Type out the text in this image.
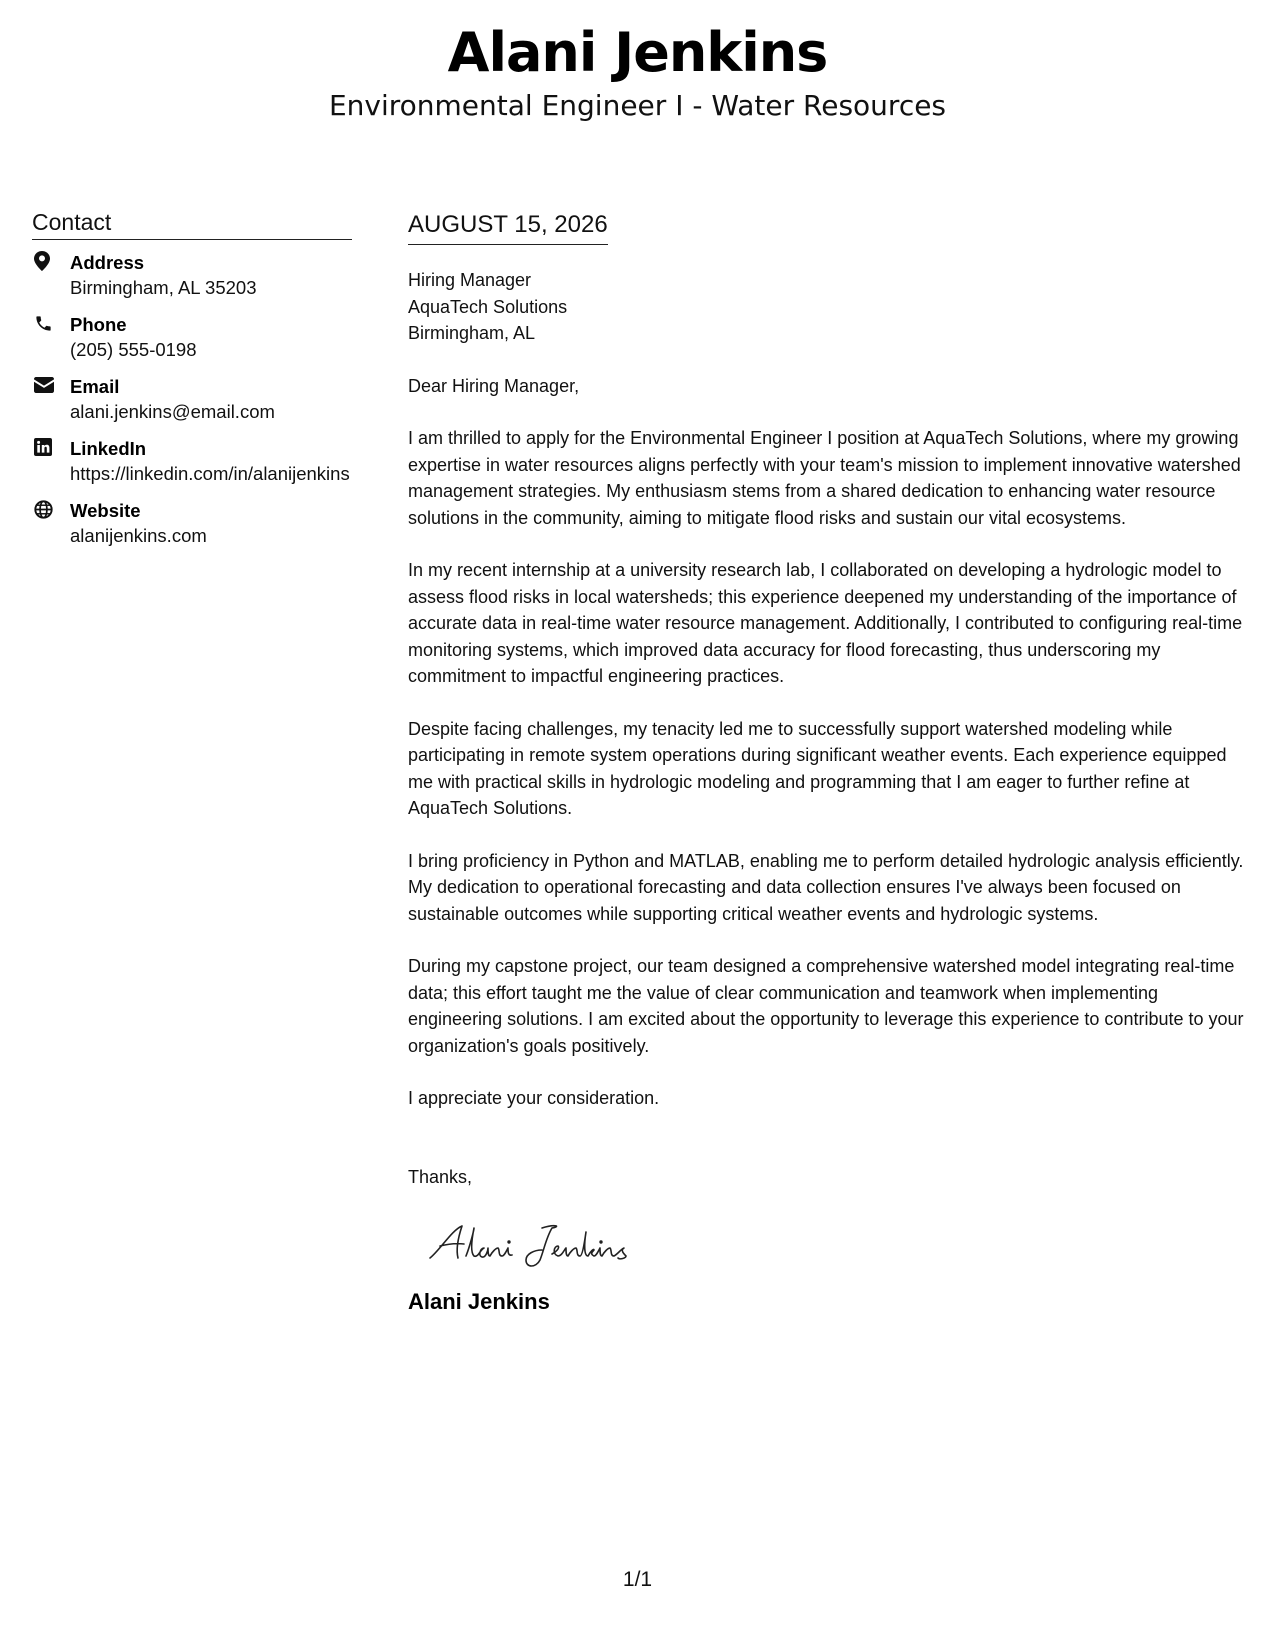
Alani Jenkins
Environmental Engineer I - Water Resources
Contact
Address
Birmingham, AL 35203
Phone
(205) 555-0198
Email
alani.jenkins@email.com
LinkedIn
https://linkedin.com/in/alanijenkins
Website
alanijenkins.com
AUGUST 15, 2026
Hiring Manager
AquaTech Solutions
Birmingham, AL
Dear Hiring Manager,
I am thrilled to apply for the Environmental Engineer I position at AquaTech Solutions, where my growing expertise in water resources aligns perfectly with your team's mission to implement innovative watershed management strategies. My enthusiasm stems from a shared dedication to enhancing water resource solutions in the community, aiming to mitigate flood risks and sustain our vital ecosystems.
In my recent internship at a university research lab, I collaborated on developing a hydrologic model to assess flood risks in local watersheds; this experience deepened my understanding of the importance of accurate data in real-time water resource management. Additionally, I contributed to configuring real-time monitoring systems, which improved data accuracy for flood forecasting, thus underscoring my commitment to impactful engineering practices.
Despite facing challenges, my tenacity led me to successfully support watershed modeling while participating in remote system operations during significant weather events. Each experience equipped me with practical skills in hydrologic modeling and programming that I am eager to further refine at AquaTech Solutions.
I bring proficiency in Python and MATLAB, enabling me to perform detailed hydrologic analysis efficiently. My dedication to operational forecasting and data collection ensures I've always been focused on sustainable outcomes while supporting critical weather events and hydrologic systems.
During my capstone project, our team designed a comprehensive watershed model integrating real-time data; this effort taught me the value of clear communication and teamwork when implementing engineering solutions. I am excited about the opportunity to leverage this experience to contribute to your organization's goals positively.
I appreciate your consideration.
Thanks,
Alani Jenkins
1/1
